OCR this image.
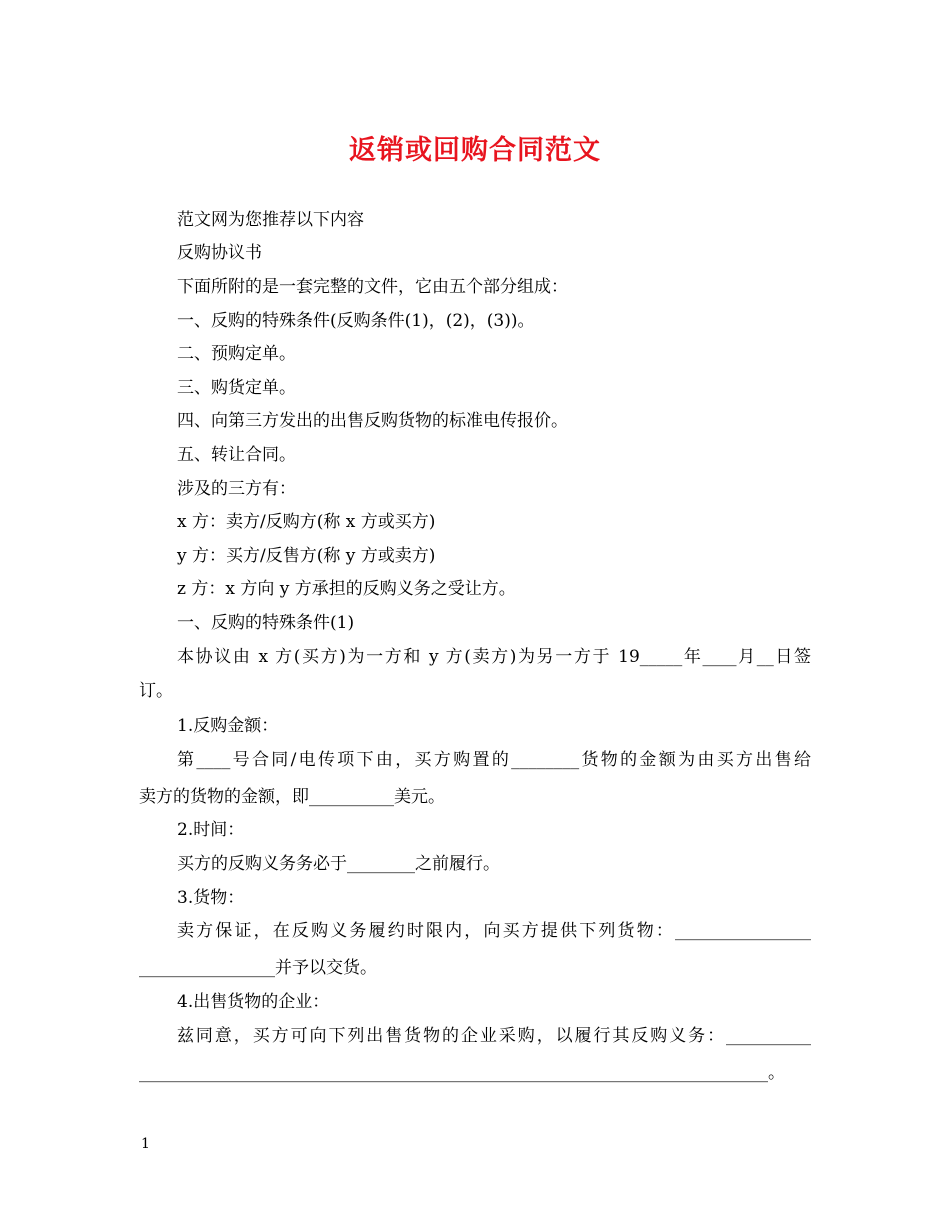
返销或回购合同范文
范文网为您推荐以下内容
反购协议书
下面所附的是一套完整的文件，它由五个部分组成：
一、反购的特殊条件(反购条件(1)，(2)，(3))。
二、预购定单。
三、购货定单。
四、向第三方发出的出售反购货物的标准电传报价。
五、转让合同。
涉及的三方有：
x 方：卖方/反购方(称 x 方或买方)
y 方：买方/反售方(称 y 方或卖方)
z 方：x 方向 y 方承担的反购义务之受让方。
一、反购的特殊条件(1)
本协议由 x 方(买方)为一方和 y 方(卖方)为另一方于 19_____年____月__日签
订。
1.反购金额：
第____号合同/电传项下由，买方购置的________货物的金额为由买方出售给
卖方的货物的金额，即__________美元。
2.时间：
买方的反购义务务必于________之前履行。
3.货物：
卖方保证，在反购义务履约时限内，向买方提供下列货物：________________
________________并予以交货。
4.出售货物的企业：
兹同意，买方可向下列出售货物的企业采购，以履行其反购义务：__________
__________________________________________________________________________。
1
